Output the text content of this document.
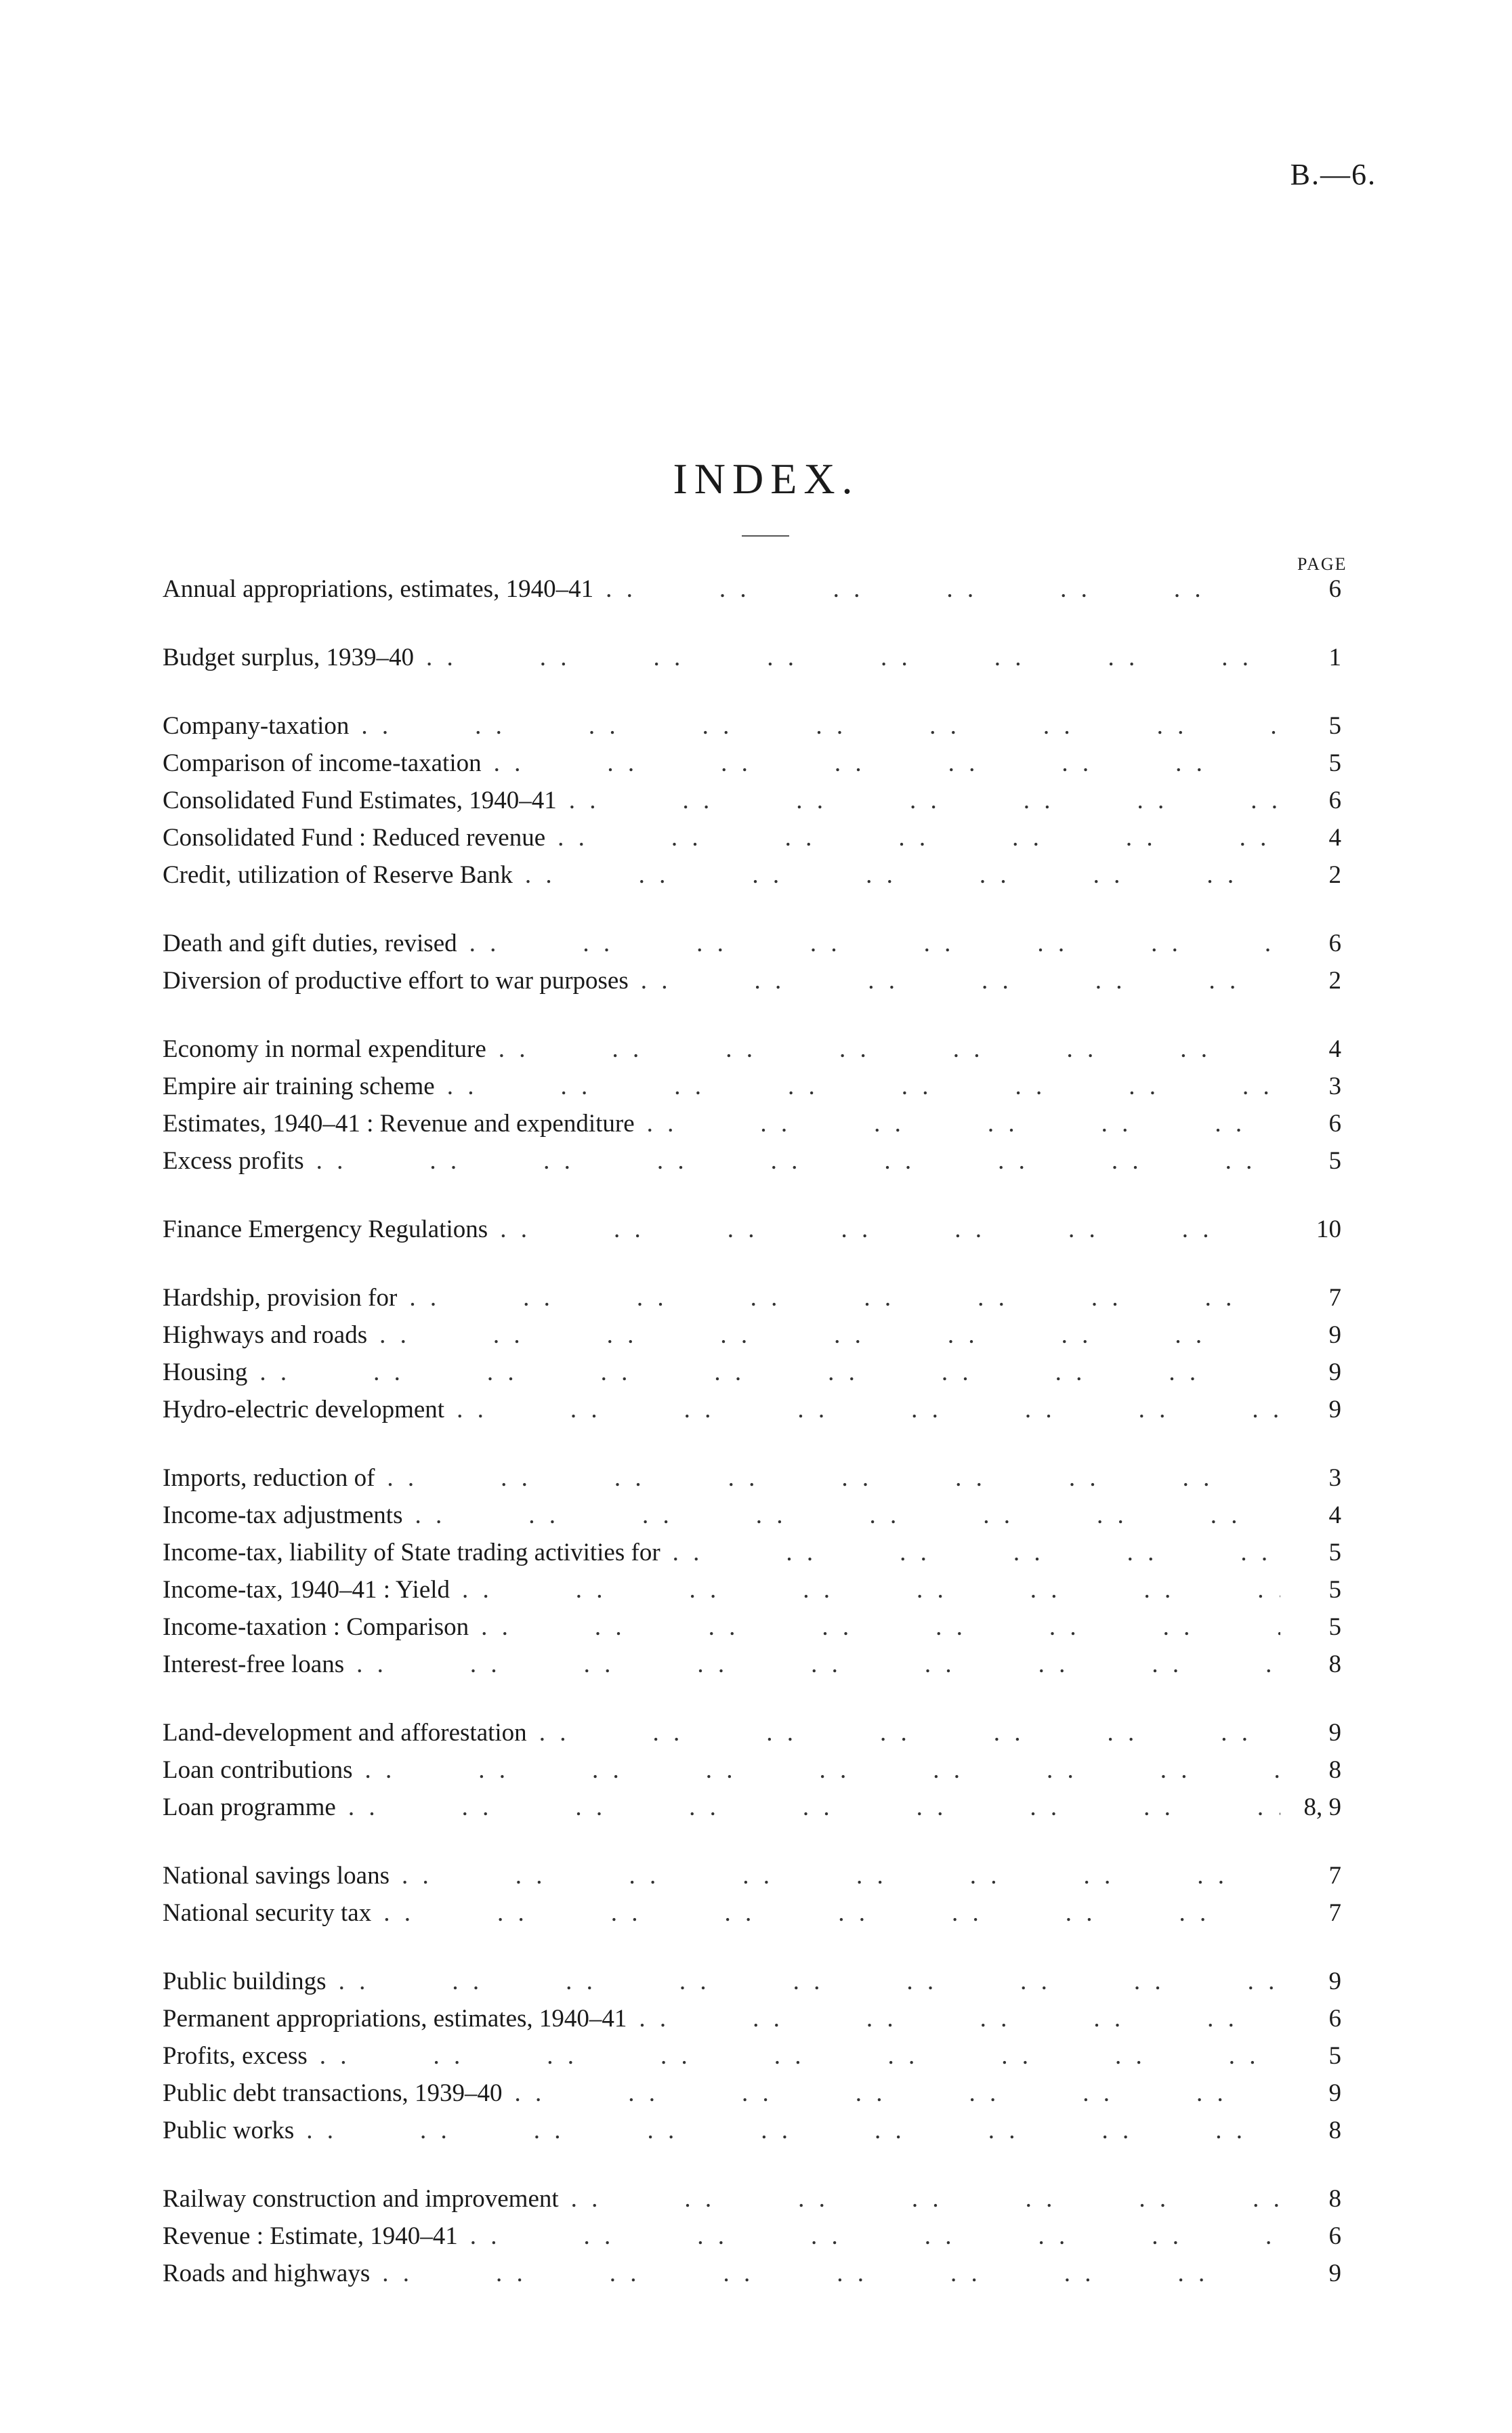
B.—6.
INDEX.
PAGE
Annual appropriations, estimates, 1940–41 . .	6
Budget surplus, 1939–40 . .	1
Company-taxation . .	5
Comparison of income-taxation . .	5
Consolidated Fund Estimates, 1940–41 . .	6
Consolidated Fund : Reduced revenue . .	4
Credit, utilization of Reserve Bank . .	2
Death and gift duties, revised . .	6
Diversion of productive effort to war purposes . .	2
Economy in normal expenditure . .	4
Empire air training scheme . .	3
Estimates, 1940–41 : Revenue and expenditure . .	6
Excess profits . .	5
Finance Emergency Regulations . .	10
Hardship, provision for . .	7
Highways and roads . .	9
Housing . .	9
Hydro-electric development . .	9
Imports, reduction of . .	3
Income-tax adjustments . .	4
Income-tax, liability of State trading activities for . .	5
Income-tax, 1940–41 : Yield . .	5
Income-taxation : Comparison . .	5
Interest-free loans . .	8
Land-development and afforestation . .	9
Loan contributions . .	8
Loan programme . .	8, 9
National savings loans . .	7
National security tax . .	7
Public buildings . .	9
Permanent appropriations, estimates, 1940–41 . .	6
Profits, excess . .	5
Public debt transactions, 1939–40 . .	9
Public works . .	8
Railway construction and improvement . .	8
Revenue : Estimate, 1940–41 . .	6
Roads and highways . .	9
